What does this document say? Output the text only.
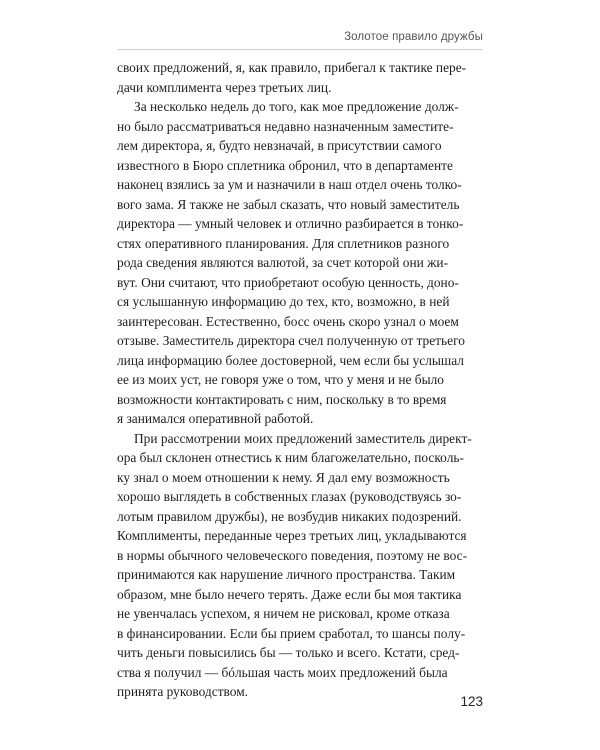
Золотое правило дружбы
своих предложений, я, как правило, прибегал к тактике пере-
дачи комплимента через третьих лиц.
За несколько недель до того, как мое предложение долж-
но было рассматриваться недавно назначенным заместите-
лем директора, я, будто невзначай, в присутствии самого
известного в Бюро сплетника обронил, что в департаменте
наконец взялись за ум и назначили в наш отдел очень толко-
вого зама. Я также не забыл сказать, что новый заместитель
директора — умный человек и отлично разбирается в тонко-
стях оперативного планирования. Для сплетников разного
рода сведения являются валютой, за счет которой они жи-
вут. Они считают, что приобретают особую ценность, доно-
ся услышанную информацию до тех, кто, возможно, в ней
заинтересован. Естественно, босс очень скоро узнал о моем
отзыве. Заместитель директора счел полученную от третьего
лица информацию более достоверной, чем если бы услышал
ее из моих уст, не говоря уже о том, что у меня и не было
возможности контактировать с ним, поскольку в то время
я занимался оперативной работой.
При рассмотрении моих предложений заместитель директ-
ора был склонен отнестись к ним благожелательно, посколь-
ку знал о моем отношении к нему. Я дал ему возможность
хорошо выглядеть в собственных глазах (руководствуясь зо-
лотым правилом дружбы), не возбудив никаких подозрений.
Комплименты, переданные через третьих лиц, укладываются
в нормы обычного человеческого поведения, поэтому не вос-
принимаются как нарушение личного пространства. Таким
образом, мне было нечего терять. Даже если бы моя тактика
не увенчалась успехом, я ничем не рисковал, кроме отказа
в финансировании. Если бы прием сработал, то шансы полу-
чить деньги повысились бы — только и всего. Кстати, сред-
ства я получил — бóльшая часть моих предложений была
принята руководством.
123
